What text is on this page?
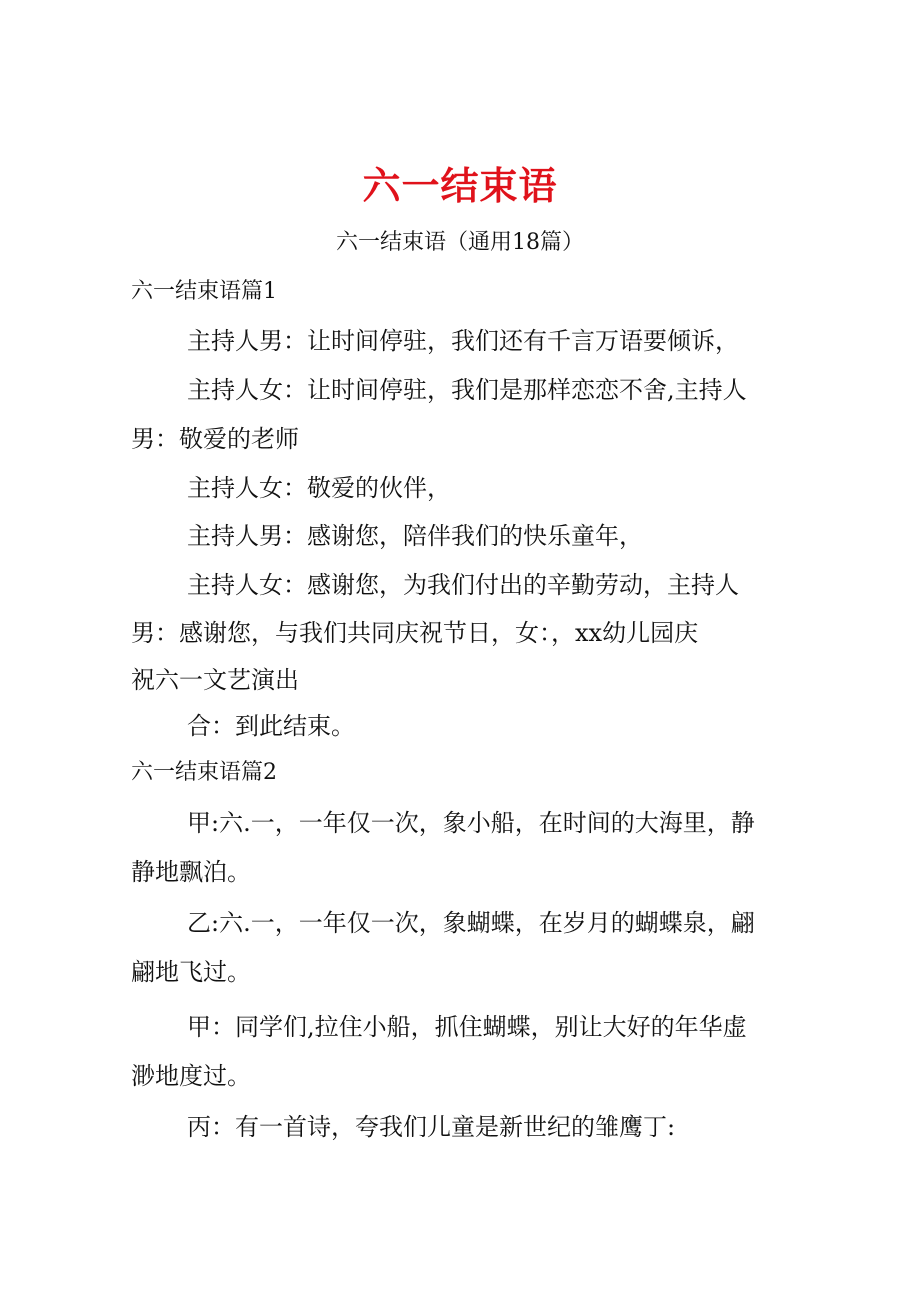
六一结束语
六一结束语（通用18篇）
六一结束语篇1
主持人男：让时间停驻，我们还有千言万语要倾诉，
主持人女：让时间停驻，我们是那样恋恋不舍,主持人
男：敬爱的老师
主持人女：敬爱的伙伴，
主持人男：感谢您，陪伴我们的快乐童年，
主持人女：感谢您，为我们付出的辛勤劳动，主持人
男：感谢您，与我们共同庆祝节日，女：，xx幼儿园庆
祝六一文艺演出
合：到此结束。
六一结束语篇2
甲:六.一，一年仅一次，象小船，在时间的大海里，静
静地飘泊。
乙:六.一，一年仅一次，象蝴蝶，在岁月的蝴蝶泉，翩
翩地飞过。
甲：同学们,拉住小船，抓住蝴蝶，别让大好的年华虚
渺地度过。
丙：有一首诗，夸我们儿童是新世纪的雏鹰丁:
